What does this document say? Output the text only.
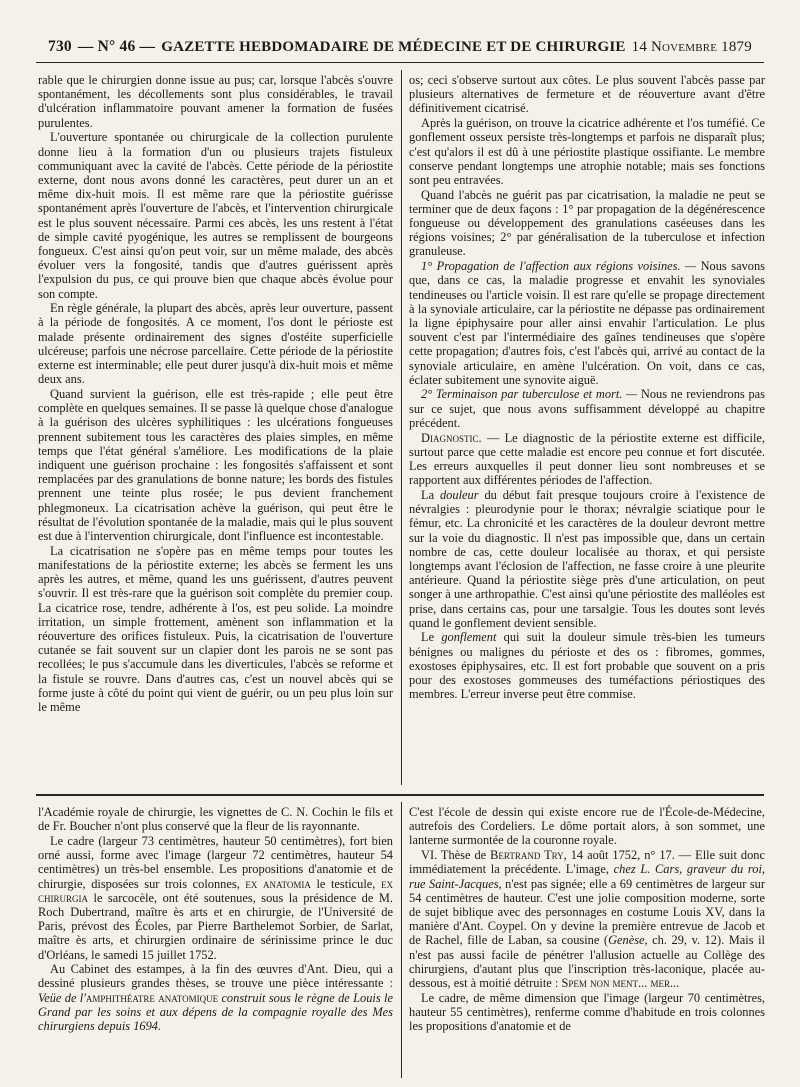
730 — N° 46 — GAZETTE HEBDOMADAIRE DE MÉDECINE ET DE CHIRURGIE 14 Novembre 1879

rable que le chirurgien donne issue au pus; car, lorsque l'abcès s'ouvre spontanément, les décollements sont plus considérables, le travail d'ulcération inflammatoire pouvant amener la formation de fusées purulentes.

L'ouverture spontanée ou chirurgicale de la collection purulente donne lieu à la formation d'un ou plusieurs trajets fistuleux communiquant avec la cavité de l'abcès. Cette période de la périostite externe, dont nous avons donné les caractères, peut durer un an et même dix-huit mois. Il est même rare que la périostite guérisse spontanément après l'ouverture de l'abcès, et l'intervention chirurgicale est le plus souvent nécessaire. Parmi ces abcès, les uns restent à l'état de simple cavité pyogénique, les autres se remplissent de bourgeons fongueux. C'est ainsi qu'on peut voir, sur un même malade, des abcès évoluer vers la fongosité, tandis que d'autres guérissent après l'expulsion du pus, ce qui prouve bien que chaque abcès évolue pour son compte.

En règle générale, la plupart des abcès, après leur ouverture, passent à la période de fongosités. A ce moment, l'os dont le périoste est malade présente ordinairement des signes d'ostéite superficielle ulcéreuse; parfois une nécrose parcellaire. Cette période de la périostite externe est interminable; elle peut durer jusqu'à dix-huit mois et même deux ans.

Quand survient la guérison, elle est très-rapide ; elle peut être complète en quelques semaines. Il se passe là quelque chose d'analogue à la guérison des ulcères syphilitiques : les ulcérations fongueuses prennent subitement tous les caractères des plaies simples, en même temps que l'état général s'améliore. Les modifications de la plaie indiquent une guérison prochaine : les fongosités s'affaissent et sont remplacées par des granulations de bonne nature; les bords des fistules prennent une teinte plus rosée; le pus devient franchement phlegmoneux. La cicatrisation achève la guérison, qui peut être le résultat de l'évolution spontanée de la maladie, mais qui le plus souvent est due à l'intervention chirurgicale, dont l'influence est incontestable.

La cicatrisation ne s'opère pas en même temps pour toutes les manifestations de la périostite externe; les abcès se ferment les uns après les autres, et même, quand les uns guérissent, d'autres peuvent s'ouvrir. Il est très-rare que la guérison soit complète du premier coup. La cicatrice rose, tendre, adhérente à l'os, est peu solide. La moindre irritation, un simple frottement, amènent son inflammation et la réouverture des orifices fistuleux. Puis, la cicatrisation de l'ouverture cutanée se fait souvent sur un clapier dont les parois ne se sont pas recollées; le pus s'accumule dans les diverticules, l'abcès se reforme et la fistule se rouvre. Dans d'autres cas, c'est un nouvel abcès qui se forme juste à côté du point qui vient de guérir, ou un peu plus loin sur le même

os; ceci s'observe surtout aux côtes. Le plus souvent l'abcès passe par plusieurs alternatives de fermeture et de réouverture avant d'être définitivement cicatrisé.

Après la guérison, on trouve la cicatrice adhérente et l'os tuméfié. Ce gonflement osseux persiste très-longtemps et parfois ne disparaît plus; c'est qu'alors il est dû à une périostite plastique ossifiante. Le membre conserve pendant longtemps une atrophie notable; mais ses fonctions sont peu entravées.

Quand l'abcès ne guérit pas par cicatrisation, la maladie ne peut se terminer que de deux façons : 1° par propagation de la dégénérescence fongueuse ou développement des granulations caséeuses dans les régions voisines; 2° par généralisation de la tuberculose et infection granuleuse.

1° Propagation de l'affection aux régions voisines. — Nous savons que, dans ce cas, la maladie progresse et envahit les synoviales tendineuses ou l'article voisin. Il est rare qu'elle se propage directement à la synoviale articulaire, car la périostite ne dépasse pas ordinairement la ligne épiphysaire pour aller ainsi envahir l'articulation. Le plus souvent c'est par l'intermédiaire des gaînes tendineuses que s'opère cette propagation; d'autres fois, c'est l'abcès qui, arrivé au contact de la synoviale articulaire, en amène l'ulcération. On voit, dans ce cas, éclater subitement une synovite aiguë.

2° Terminaison par tuberculose et mort. — Nous ne reviendrons pas sur ce sujet, que nous avons suffisamment développé au chapitre précédent.

Diagnostic. — Le diagnostic de la périostite externe est difficile, surtout parce que cette maladie est encore peu connue et fort discutée. Les erreurs auxquelles il peut donner lieu sont nombreuses et se rapportent aux différentes périodes de l'affection.

La douleur du début fait presque toujours croire à l'existence de névralgies : pleurodynie pour le thorax; névralgie sciatique pour le fémur, etc. La chronicité et les caractères de la douleur devront mettre sur la voie du diagnostic. Il n'est pas impossible que, dans un certain nombre de cas, cette douleur localisée au thorax, et qui persiste longtemps avant l'éclosion de l'affection, ne fasse croire à une pleurite antérieure. Quand la périostite siège près d'une articulation, on peut songer à une arthropathie. C'est ainsi qu'une périostite des malléoles est prise, dans certains cas, pour une tarsalgie. Tous les doutes sont levés quand le gonflement devient sensible.

Le gonflement qui suit la douleur simule très-bien les tumeurs bénignes ou malignes du périoste et des os : fibromes, gommes, exostoses épiphysaires, etc. Il est fort probable que souvent on a pris pour des exostoses gommeuses des tuméfactions périostiques des membres. L'erreur inverse peut être commise.

l'Académie royale de chirurgie, les vignettes de C. N. Cochin le fils et de Fr. Boucher n'ont plus conservé que la fleur de lis rayonnante.

Le cadre (largeur 73 centimètres, hauteur 50 centimètres), fort bien orné aussi, forme avec l'image (largeur 72 centimètres, hauteur 54 centimètres) un très-bel ensemble. Les propositions d'anatomie et de chirurgie, disposées sur trois colonnes, ex anatomia le testicule, ex chirurgia le sarcocèle, ont été soutenues, sous la présidence de M. Roch Dubertrand, maître ès arts et en chirurgie, de l'Université de Paris, prévost des Écoles, par Pierre Barthelemot Sorbier, de Sarlat, maître ès arts, et chirurgien ordinaire de sérinissime prince le duc d'Orléans, le samedi 15 juillet 1752.

Au Cabinet des estampes, à la fin des œuvres d'Ant. Dieu, qui a dessiné plusieurs grandes thèses, se trouve une pièce intéressante : Veüe de l'amphithéatre anatomique construit sous le règne de Louis le Grand par les soins et aux dépens de la compagnie royalle des Mes chirurgiens depuis 1694.

C'est l'école de dessin qui existe encore rue de l'École-de-Médecine, autrefois des Cordeliers. Le dôme portait alors, à son sommet, une lanterne surmontée de la couronne royale.

VI. Thèse de Bertrand Try, 14 août 1752, n° 17. — Elle suit donc immédiatement la précédente. L'image, chez L. Cars, graveur du roi, rue Saint-Jacques, n'est pas signée; elle a 69 centimètres de largeur sur 54 centimètres de hauteur. C'est une jolie composition moderne, sorte de sujet biblique avec des personnages en costume Louis XV, dans la manière d'Ant. Coypel. On y devine la première entrevue de Jacob et de Rachel, fille de Laban, sa cousine (Genèse, ch. 29, v. 12). Mais il n'est pas aussi facile de pénétrer l'allusion actuelle au Collège des chirurgiens, d'autant plus que l'inscription très-laconique, placée au-dessous, est à moitié détruite : Spem non ment... mer...

Le cadre, de même dimension que l'image (largeur 70 centimètres, hauteur 55 centimètres), renferme comme d'habitude en trois colonnes les propositions d'anatomie et de
